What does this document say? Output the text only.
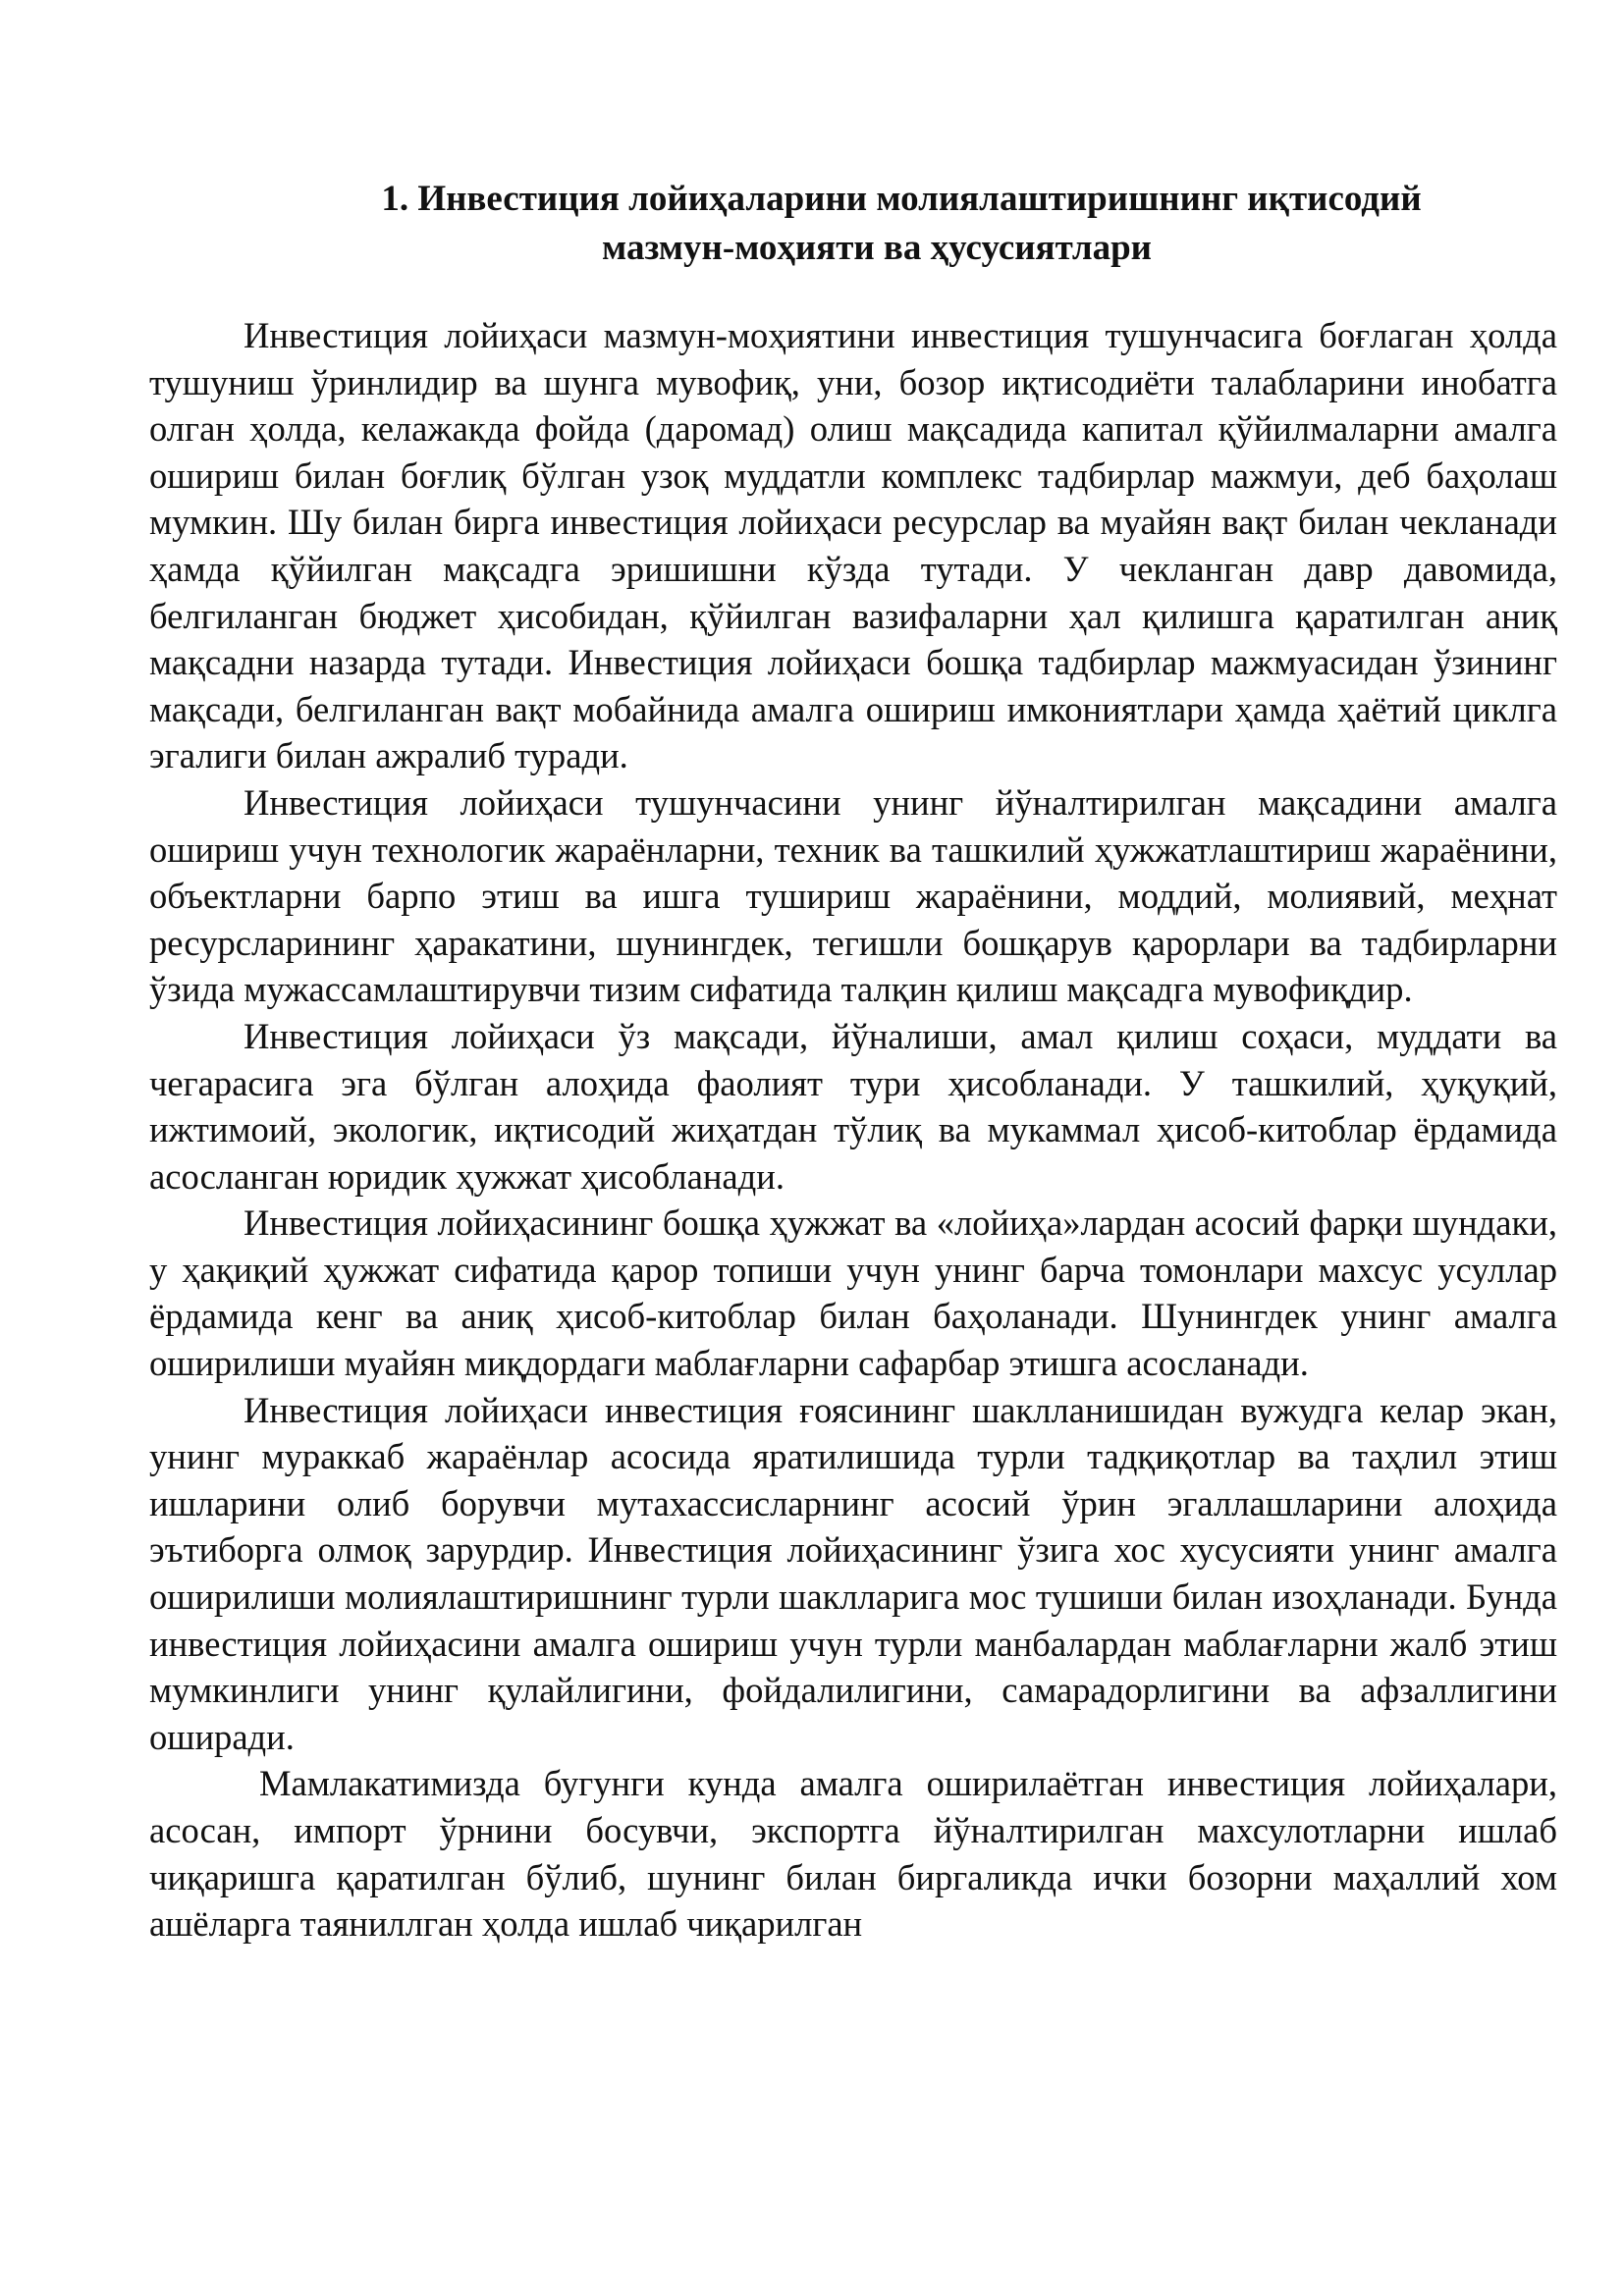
1. Инвестиция лойиҳаларини молиялаштиришнинг иқтисодий
мазмун-моҳияти ва ҳусусиятлари

Инвестиция лойиҳаси мазмун-моҳиятини инвестиция тушунчасига боғлаган ҳолда тушуниш ўринлидир ва шунга мувофиқ, уни, бозор иқтисодиёти талабларини инобатга олган ҳолда, келажакда фойда (даромад) олиш мақсадида капитал қўйилмаларни амалга ошириш билан боғлиқ бўлган узоқ муддатли комплекс тадбирлар мажмуи, деб баҳолаш мумкин. Шу билан бирга инвестиция лойиҳаси ресурслар ва муайян вақт билан чекланади ҳамда қўйилган мақсадга эришишни кўзда тутади. У чекланган давр давомида, белгиланган бюджет ҳисобидан, қўйилган вазифаларни ҳал қилишга қаратилган аниқ мақсадни назарда тутади. Инвестиция лойиҳаси бошқа тадбирлар мажмуасидан ўзининг мақсади, белгиланган вақт мобайнида амалга ошириш имкониятлари ҳамда ҳаётий циклга эгалиги билан ажралиб туради.

Инвестиция лойиҳаси тушунчасини унинг йўналтирилган мақсадини амалга ошириш учун технологик жараёнларни, техник ва ташкилий ҳужжатлаштириш жараёнини, объектларни барпо этиш ва ишга тушириш жараёнини, моддий, молиявий, меҳнат ресурсларининг ҳаракатини, шунингдек, тегишли бошқарув қарорлари ва тадбирларни ўзида мужассамлаштирувчи тизим сифатида талқин қилиш мақсадга мувофиқдир.

Инвестиция лойиҳаси ўз мақсади, йўналиши, амал қилиш соҳаси, муддати ва чегарасига эга бўлган алоҳида фаолият тури ҳисобланади. У ташкилий, ҳуқуқий, ижтимоий, экологик, иқтисодий жиҳатдан тўлиқ ва мукаммал ҳисоб-китоблар ёрдамида асосланган юридик ҳужжат ҳисобланади.

Инвестиция лойиҳасининг бошқа ҳужжат ва «лойиҳа»лардан асосий фарқи шундаки, у ҳақиқий ҳужжат сифатида қарор топиши учун унинг барча томонлари махсус усуллар ёрдамида кенг ва аниқ ҳисоб-китоблар билан баҳоланади. Шунингдек унинг амалга оширилиши муайян миқдордаги маблағларни сафарбар этишга асосланади.

Инвестиция лойиҳаси инвестиция ғоясининг шаклланишидан вужудга келар экан, унинг мураккаб жараёнлар асосида яратилишида турли тадқиқотлар ва таҳлил этиш ишларини олиб борувчи мутахассисларнинг асосий ўрин эгаллашларини алоҳида эътиборга олмоқ зарурдир. Инвестиция лойиҳасининг ўзига хос хусусияти унинг амалга оширилиши молиялаштиришнинг турли шаклларига мос тушиши билан изоҳланади. Бунда инвестиция лойиҳасини амалга ошириш учун турли манбалардан маблағларни жалб этиш мумкинлиги унинг қулайлигини, фойдалилигини, самарадорлигини ва афзаллигини оширади.

Мамлакатимизда бугунги кунда амалга оширилаётган инвестиция лойиҳалари, асосан, импорт ўрнини босувчи, экспортга йўналтирилган махсулотларни ишлаб чиқаришга қаратилган бўлиб, шунинг билан биргаликда ички бозорни маҳаллий хом ашёларга таяниллган ҳолда ишлаб чиқарилган
